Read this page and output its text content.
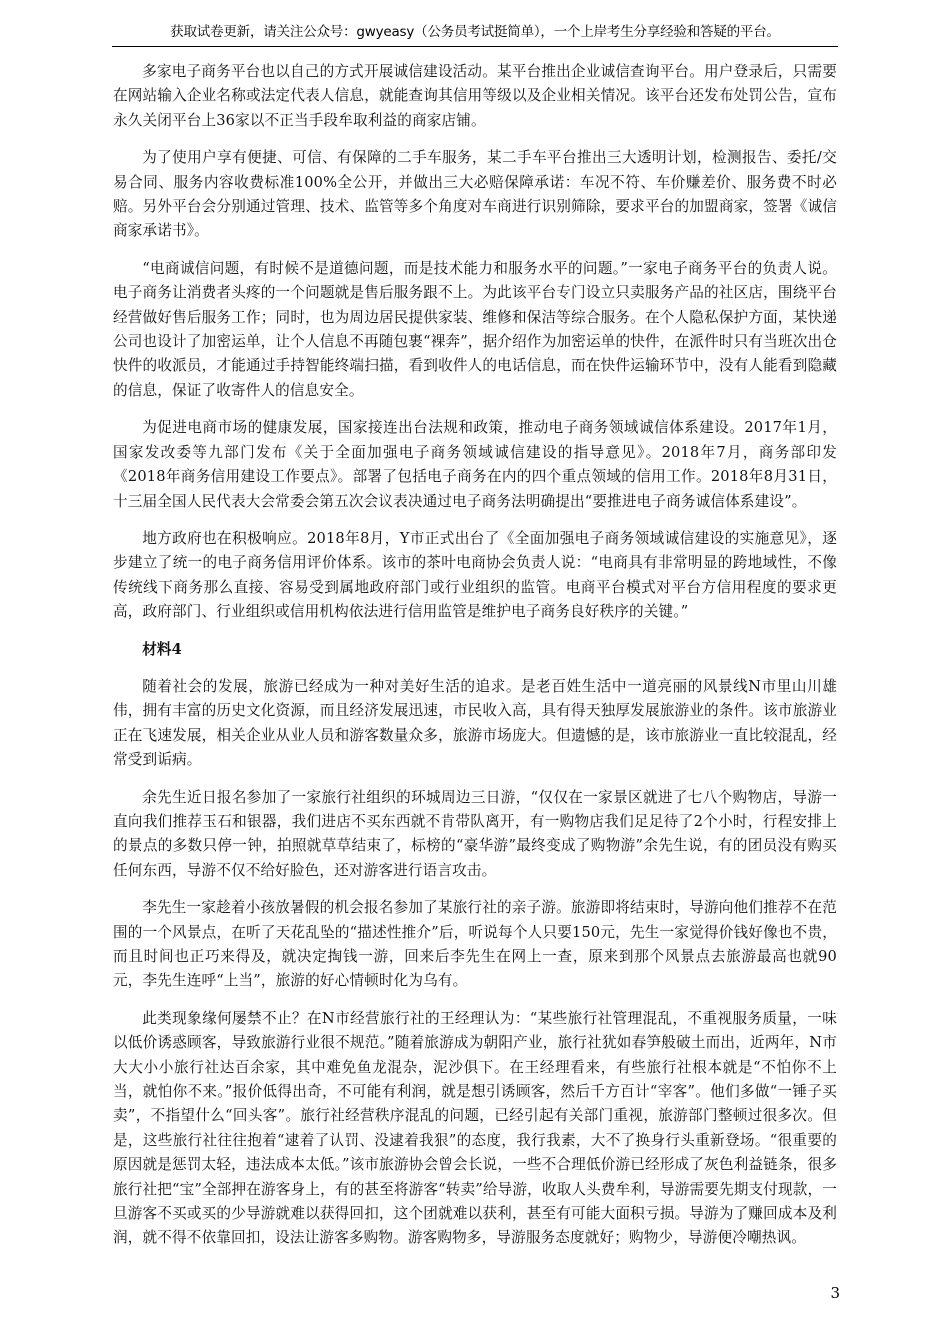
获取试卷更新，请关注公众号：gwyeasy（公务员考试挺简单），一个上岸考生分享经验和答疑的平台。

多家电子商务平台也以自己的方式开展诚信建设活动。某平台推出企业诚信查询平台。用户登录后，只需要在网站输入企业名称或法定代表人信息，就能查询其信用等级以及企业相关情况。该平台还发布处罚公告，宣布永久关闭平台上36家以不正当手段牟取利益的商家店铺。

为了使用户享有便捷、可信、有保障的二手车服务，某二手车平台推出三大透明计划，检测报告、委托/交易合同、服务内容收费标准100%全公开，并做出三大必赔保障承诺：车况不符、车价赚差价、服务费不时必赔。另外平台会分别通过管理、技术、监管等多个角度对车商进行识别筛除，要求平台的加盟商家，签署《诚信商家承诺书》。

“电商诚信问题，有时候不是道德问题，而是技术能力和服务水平的问题。”一家电子商务平台的负责人说。电子商务让消费者头疼的一个问题就是售后服务跟不上。为此该平台专门设立只卖服务产品的社区店，围绕平台经营做好售后服务工作；同时，也为周边居民提供家装、维修和保洁等综合服务。在个人隐私保护方面，某快递公司也设计了加密运单，让个人信息不再随包裹“裸奔”，据介绍作为加密运单的快件，在派件时只有当班次出仓快件的收派员，才能通过手持智能终端扫描，看到收件人的电话信息，而在快件运输环节中，没有人能看到隐藏的信息，保证了收寄件人的信息安全。

为促进电商市场的健康发展，国家接连出台法规和政策，推动电子商务领域诚信体系建设。2017年1月，国家发改委等九部门发布《关于全面加强电子商务领域诚信建设的指导意见》。2018年7月，商务部印发《2018年商务信用建设工作要点》。部署了包括电子商务在内的四个重点领域的信用工作。2018年8月31日，十三届全国人民代表大会常委会第五次会议表决通过电子商务法明确提出“要推进电子商务诚信体系建设”。

地方政府也在积极响应。2018年8月，Y市正式出台了《全面加强电子商务领域诚信建设的实施意见》，逐步建立了统一的电子商务信用评价体系。该市的茶叶电商协会负责人说：“电商具有非常明显的跨地域性，不像传统线下商务那么直接、容易受到属地政府部门或行业组织的监管。电商平台模式对平台方信用程度的要求更高，政府部门、行业组织或信用机构依法进行信用监管是维护电子商务良好秩序的关键。”

材料4

随着社会的发展，旅游已经成为一种对美好生活的追求。是老百姓生活中一道亮丽的风景线N市里山川雄伟，拥有丰富的历史文化资源，而且经济发展迅速，市民收入高，具有得天独厚发展旅游业的条件。该市旅游业正在飞速发展，相关企业从业人员和游客数量众多，旅游市场庞大。但遗憾的是，该市旅游业一直比较混乱，经常受到诟病。

余先生近日报名参加了一家旅行社组织的环城周边三日游，“仅仅在一家景区就进了七八个购物店，导游一直向我们推荐玉石和银器，我们进店不买东西就不肯带队离开，有一购物店我们足足待了2个小时，行程安排上的景点的多数只停一钟，拍照就草草结束了，标榜的“豪华游”最终变成了购物游”余先生说，有的团员没有购买任何东西，导游不仅不给好脸色，还对游客进行语言攻击。

李先生一家趁着小孩放暑假的机会报名参加了某旅行社的亲子游。旅游即将结束时，导游向他们推荐不在范围的一个风景点，在听了天花乱坠的“描述性推介”后，听说每个人只要150元，先生一家觉得价钱好像也不贵，而且时间也正巧来得及，就决定掏钱一游，回来后李先生在网上一查，原来到那个风景点去旅游最高也就90元，李先生连呼“上当”，旅游的好心情顿时化为乌有。

此类现象缘何屡禁不止？在N市经营旅行社的王经理认为：“某些旅行社管理混乱，不重视服务质量，一味以低价诱惑顾客，导致旅游行业很不规范。”随着旅游成为朝阳产业，旅行社犹如春笋般破土而出，近两年，N市大大小小旅行社达百余家，其中难免鱼龙混杂，泥沙俱下。在王经理看来，有些旅行社根本就是“不怕你不上当，就怕你不来。”报价低得出奇，不可能有利润，就是想引诱顾客，然后千方百计“宰客”。他们多做“一锤子买卖”，不指望什么“回头客”。旅行社经营秩序混乱的问题，已经引起有关部门重视，旅游部门整顿过很多次。但是，这些旅行社往往抱着“逮着了认罚、没逮着我狠”的态度，我行我素，大不了换身行头重新登场。“很重要的原因就是惩罚太轻，违法成本太低。”该市旅游协会曾会长说，一些不合理低价游已经形成了灰色利益链条，很多旅行社把“宝”全部押在游客身上，有的甚至将游客“转卖”给导游，收取人头费牟利，导游需要先期支付现款，一旦游客不买或买的少导游就难以获得回扣，这个团就难以获利，甚至有可能大面积亏损。导游为了赚回成本及利润，就不得不依靠回扣，设法让游客多购物。游客购物多，导游服务态度就好；购物少，导游便冷嘲热讽。

3
